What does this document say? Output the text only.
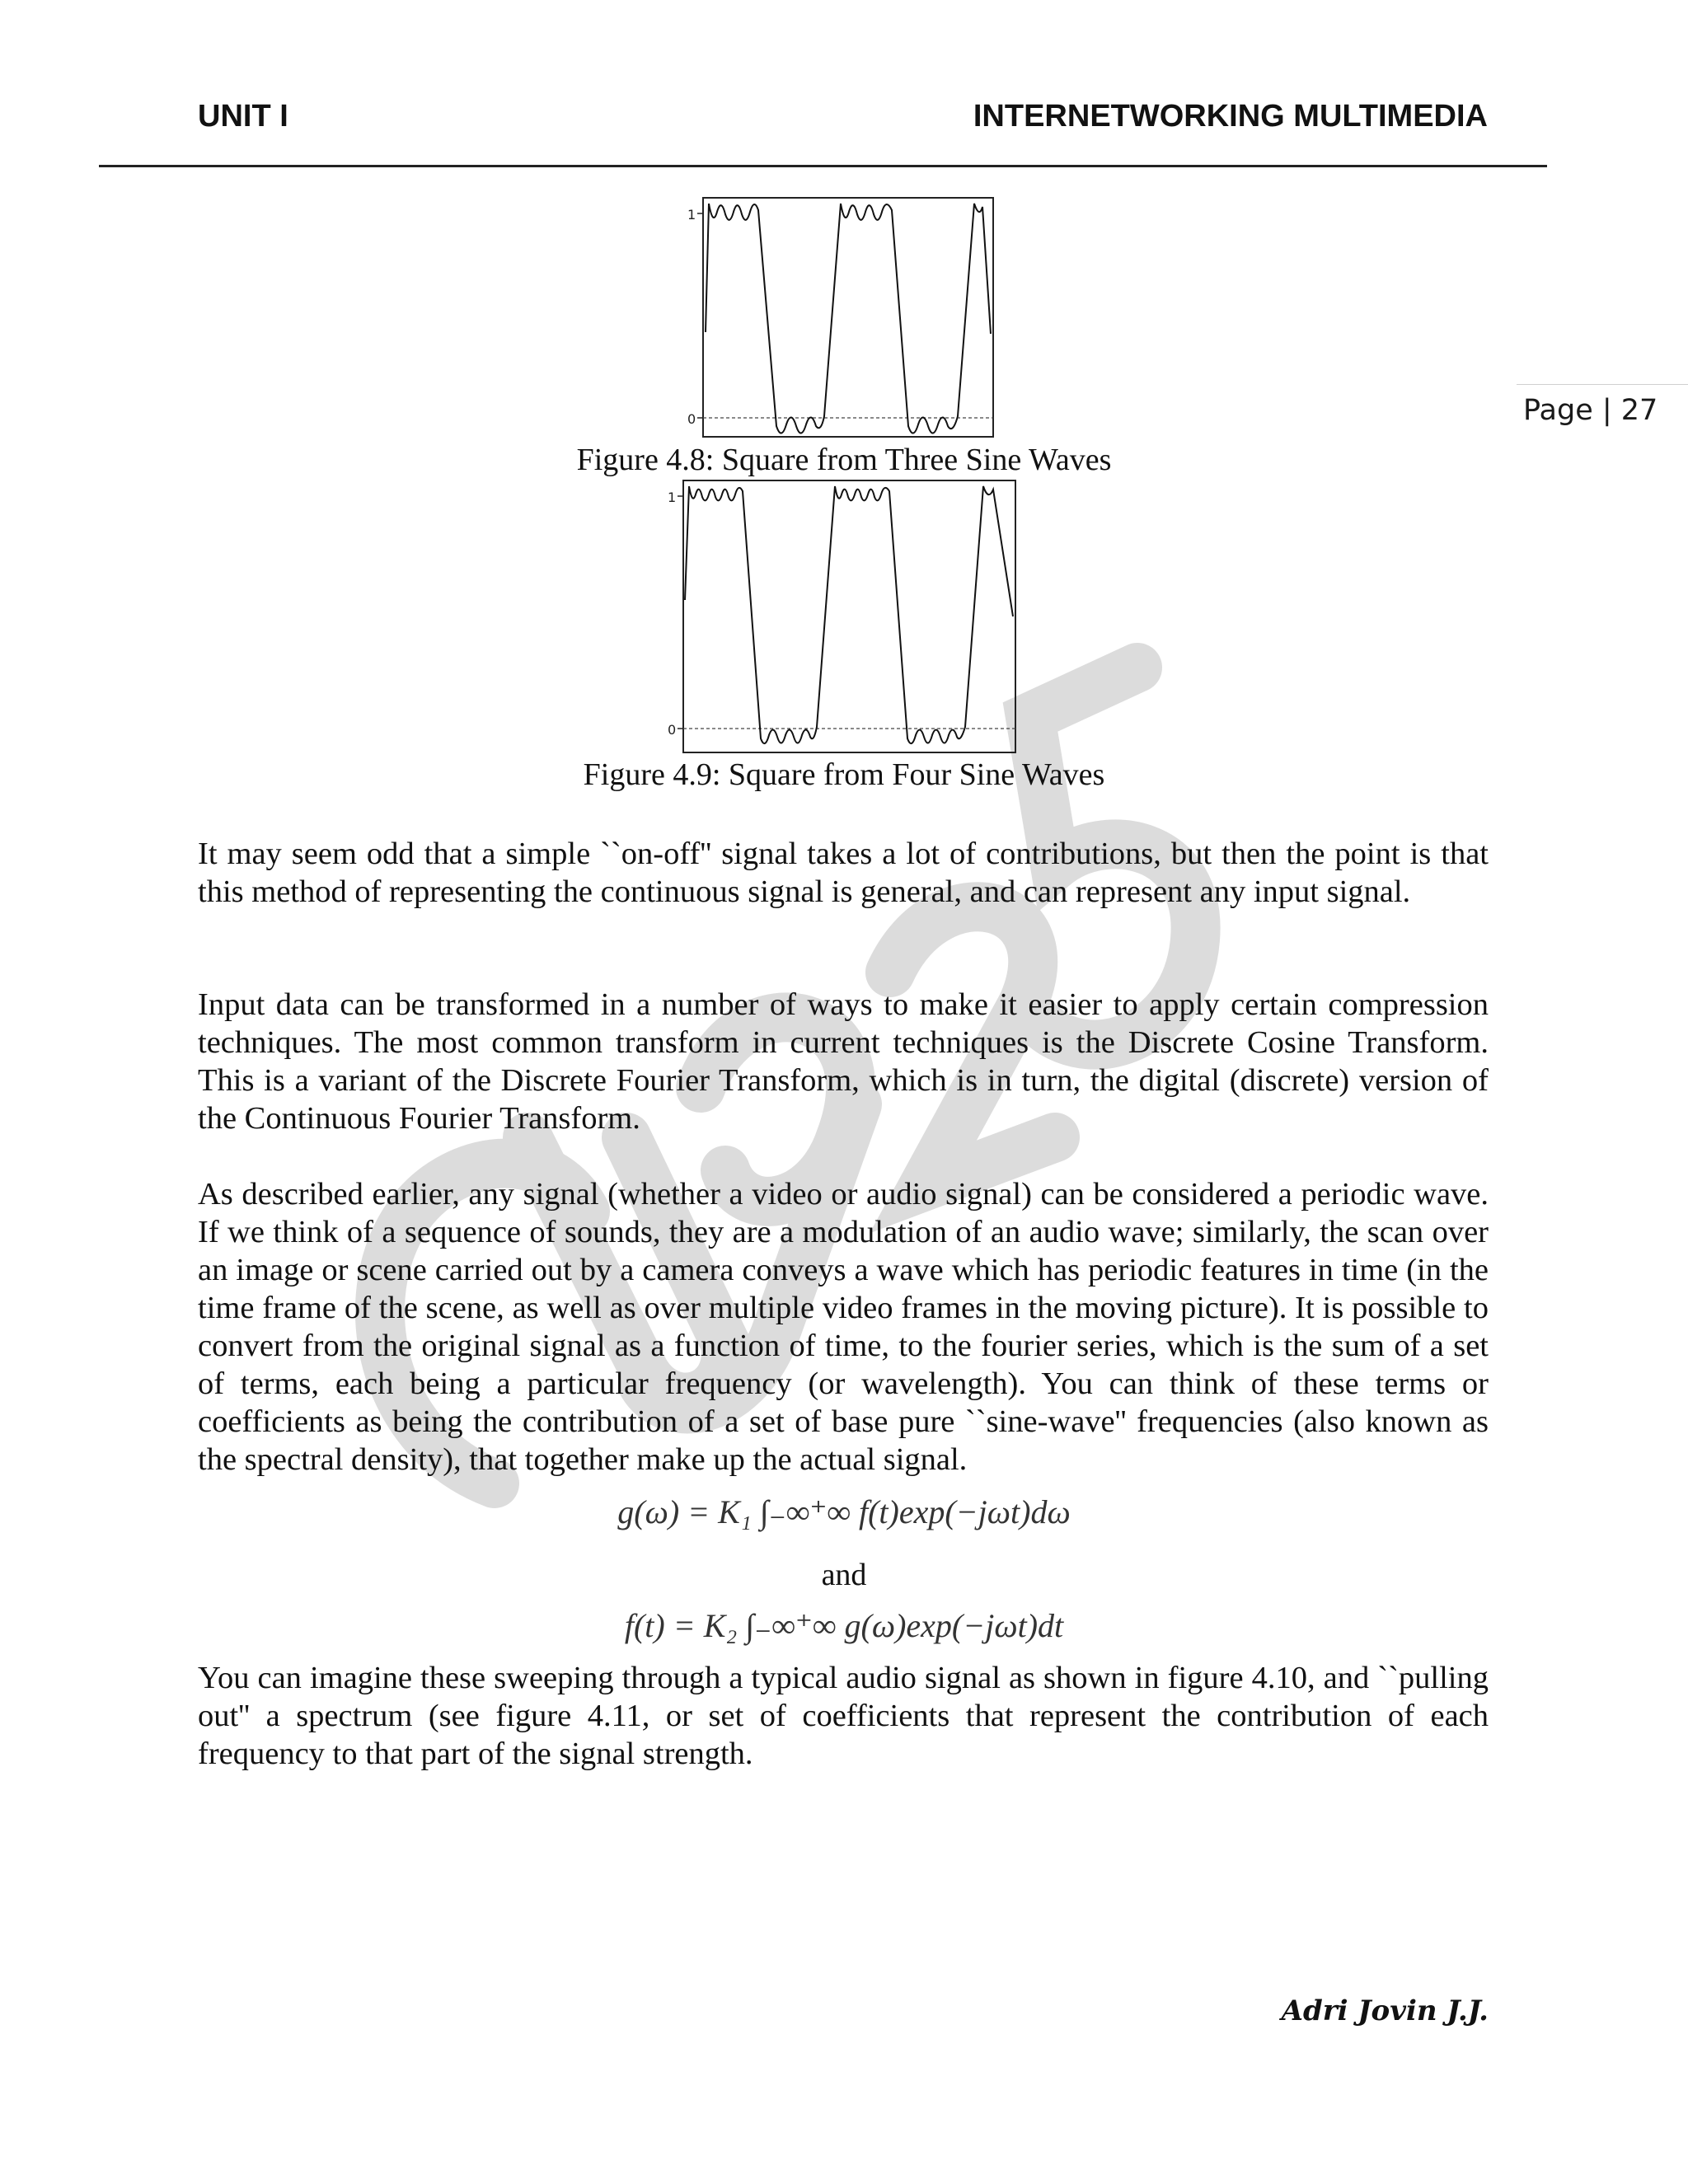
UNIT I	INTERNETWORKING MULTIMEDIA
Page | 27
1
0
Figure 4.8: Square from Three Sine Waves
1
0
Figure 4.9: Square from Four Sine Waves

It may seem odd that a simple ``on-off'' signal takes a lot of contributions, but then the point is that this method of representing the continuous signal is general, and can represent any input signal.

Input data can be transformed in a number of ways to make it easier to apply certain compression techniques. The most common transform in current techniques is the Discrete Cosine Transform. This is a variant of the Discrete Fourier Transform, which is in turn, the digital (discrete) version of the Continuous Fourier Transform.

As described earlier, any signal (whether a video or audio signal) can be considered a periodic wave. If we think of a sequence of sounds, they are a modulation of an audio wave; similarly, the scan over an image or scene carried out by a camera conveys a wave which has periodic features in time (in the time frame of the scene, as well as over multiple video frames in the moving picture). It is possible to convert from the original signal as a function of time, to the fourier series, which is the sum of a set of terms, each being a particular frequency (or wavelength). You can think of these terms or coefficients as being the contribution of a set of base pure ``sine-wave'' frequencies (also known as the spectral density), that together make up the actual signal.

g(ω) = K₁ ∫₋∞⁺∞ f(t)exp(−jωt)dω
and
f(t) = K₂ ∫₋∞⁺∞ g(ω)exp(−jωt)dt

You can imagine these sweeping through a typical audio signal as shown in figure 4.10, and ``pulling out'' a spectrum (see figure 4.11, or set of coefficients that represent the contribution of each frequency to that part of the signal strength.

Adri Jovin J.J.
